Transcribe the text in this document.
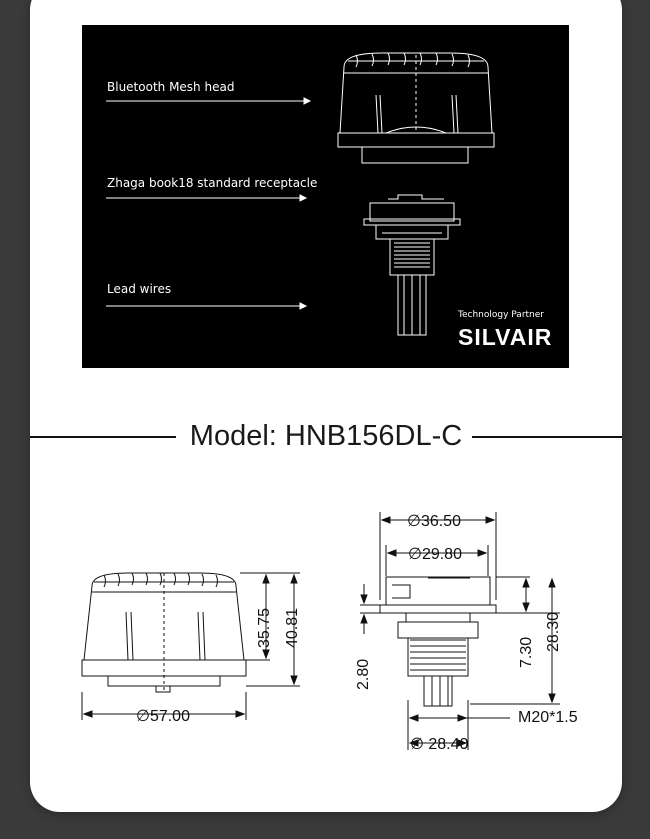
Bluetooth Mesh head
Zhaga book18 standard receptacle
Lead wires
Technology Partner
SILVAIR
Model: HNB156DL-C
∅57.00
35.75 40.81
∅36.50
∅29.80
2.80
7.30
28.30
M20*1.5
∅ 28.40
